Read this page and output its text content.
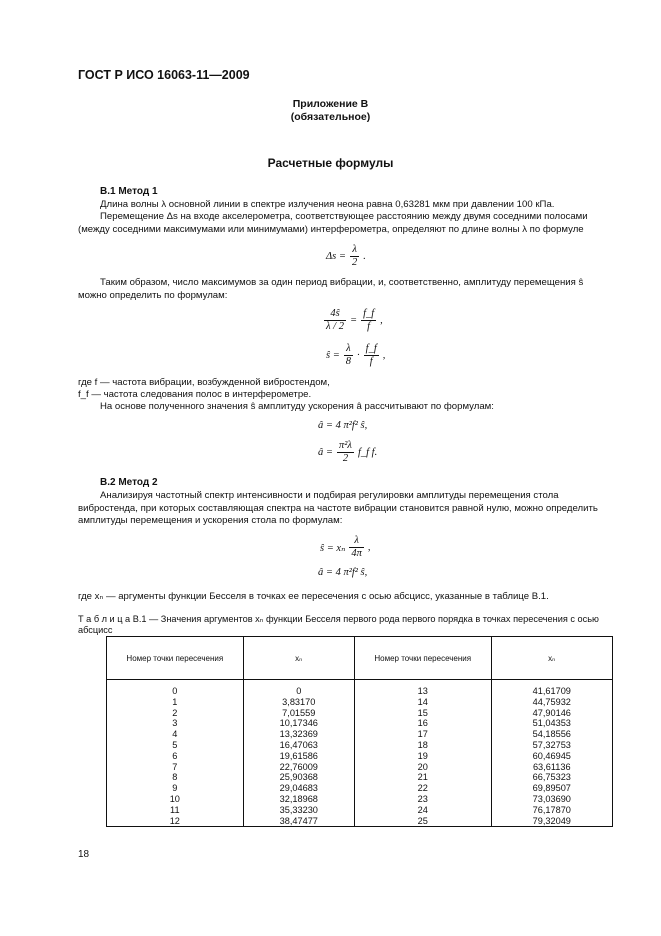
ГОСТ Р ИСО 16063-11—2009
Приложение В
(обязательное)
Расчетные формулы
В.1 Метод 1
Длина волны λ основной линии в спектре излучения неона равна 0,63281 мкм при давлении 100 кПа.
Перемещение Δs на входе акселерометра, соответствующее расстоянию между двумя соседними полосами (между соседними максимумами или минимумами) интерферометра, определяют по длине волны λ по формуле
$\Delta s = \frac{\lambda}{2}$ .
Таким образом, число максимумов за один период вибрации, и, соответственно, амплитуду перемещения ŝ можно определить по формулам:
$\frac{4ŝ}{\lambda / 2} = \frac{f\_f}{f}$ ,
ŝ = $\frac{\lambda}{8} \cdot \frac{f\_f}{f}$ ,
где f — частота вибрации, возбужденной вибростендом,
f_f — частота следования полос в интерферометре.
На основе полученного значения ŝ амплитуду ускорения â рассчитывают по формулам:
â = 4 π²f² ŝ,
â = $\frac{\text{π²λ}}{2}$ f_f f.
В.2 Метод 2
Анализируя частотный спектр интенсивности и подбирая регулировки амплитуды перемещения стола вибростенда, при которых составляющая спектра на частоте вибрации становится равной нулю, можно определить амплитуды перемещения и ускорения стола по формулам:
ŝ = xₙ $\frac{\lambda}{4\pi}$ ,
â = 4 π²f² ŝ,
где xₙ — аргументы функции Бесселя в точках ее пересечения с осью абсцисс, указанные в таблице В.1.
Т а б л и ц а В.1 — Значения аргументов xₙ функции Бесселя первого рода первого порядка в точках пересечения с осью абсцисс
Номер точки пересечения	xₙ	Номер точки пересечения	xₙ
0	0	13	41,61709
1	3,83170	14	44,75932
2	7,01559	15	47,90146
3	10,17346	16	51,04353
4	13,32369	17	54,18556
5	16,47063	18	57,32753
6	19,61586	19	60,46945
7	22,76009	20	63,61136
8	25,90368	21	66,75323
9	29,04683	22	69,89507
10	32,18968	23	73,03690
11	35,33230	24	76,17870
12	38,47477	25	79,32049
18
